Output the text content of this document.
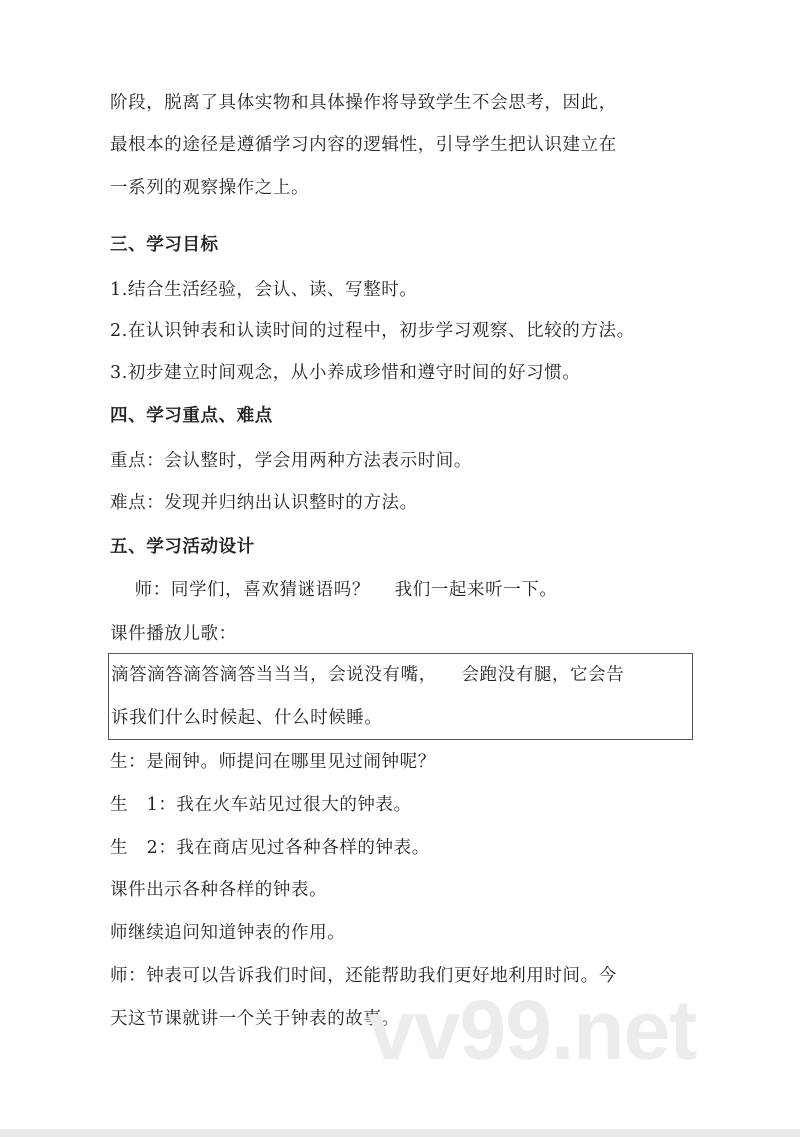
阶段，脱离了具体实物和具体操作将导致学生不会思考，因此，
最根本的途径是遵循学习内容的逻辑性，引导学生把认识建立在
一系列的观察操作之上。
三、学习目标
1.结合生活经验，会认、读、写整时。
2.在认识钟表和认读时间的过程中，初步学习观察、比较的方法。
3.初步建立时间观念，从小养成珍惜和遵守时间的好习惯。
四、学习重点、难点
重点：会认整时，学会用两种方法表示时间。
难点：发现并归纳出认识整时的方法。
五、学习活动设计
师：同学们，喜欢猜谜语吗？    我们一起来听一下。
课件播放儿歌：
滴答滴答滴答滴答当当当，会说没有嘴，    会跑没有腿，它会告
诉我们什么时候起、什么时候睡。
生：是闹钟。师提问在哪里见过闹钟呢？
生   1：我在火车站见过很大的钟表。
生   2：我在商店见过各种各样的钟表。
课件出示各种各样的钟表。
师继续追问知道钟表的作用。
师：钟表可以告诉我们时间，还能帮助我们更好地利用时间。今
天这节课就讲一个关于钟表的故事。
vv99.net
